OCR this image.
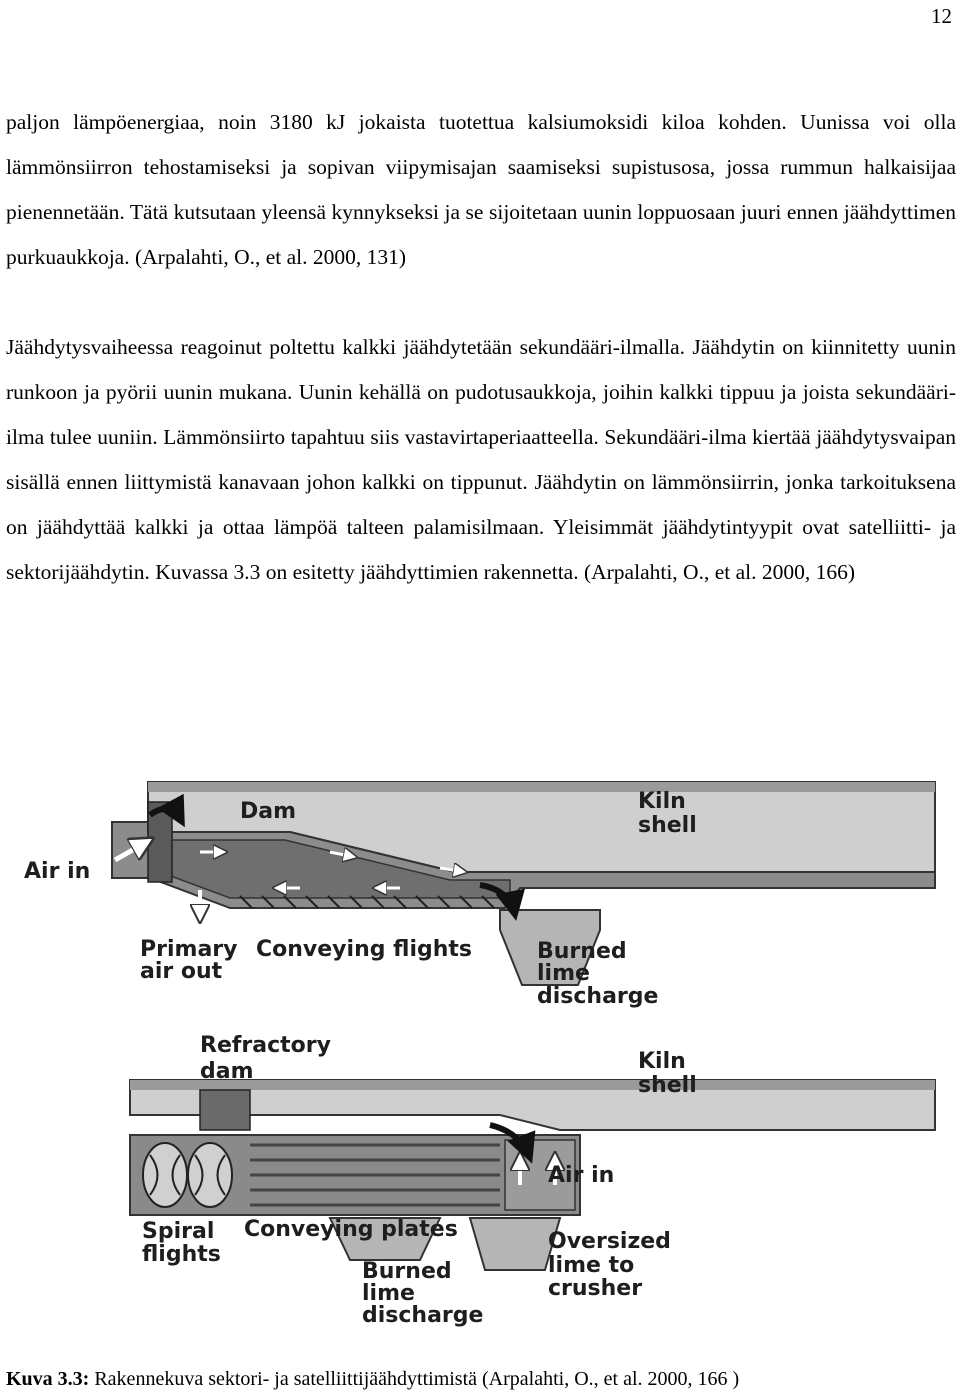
12

paljon lämpöenergiaa, noin 3180 kJ jokaista tuotettua kalsiumoksidi kiloa kohden. Uunissa voi olla lämmönsiirron tehostamiseksi ja sopivan viipymisajan saamiseksi supistusosa, jossa rummun halkaisijaa pienennetään. Tätä kutsutaan yleensä kynnykseksi ja se sijoitetaan uunin loppuosaan juuri ennen jäähdyttimen purkuaukkoja. (Arpalahti, O., et al. 2000, 131)

Jäähdytysvaiheessa reagoinut poltettu kalkki jäähdytetään sekundääri-ilmalla. Jäähdytin on kiinnitetty uunin runkoon ja pyörii uunin mukana. Uunin kehällä on pudotusaukkoja, joihin kalkki tippuu ja joista sekundääri-ilma tulee uuniin. Lämmönsiirto tapahtuu siis vastavirtaperiaatteella. Sekundääri-ilma kiertää jäähdytysvaipan sisällä ennen liittymistä kanavaan johon kalkki on tippunut. Jäähdytin on lämmönsiirrin, jonka tarkoituksena on jäähdyttää kalkki ja ottaa lämpöä talteen palamisilmaan. Yleisimmät jäähdytintyypit ovat satelliitti- ja sektorijäähdytin. Kuvassa 3.3 on esitetty jäähdyttimien rakennetta. (Arpalahti, O., et al. 2000, 166)

Dam	Kiln
shell
Air in
Primary
air out
Conveying flights	Burned
lime
discharge
Refractory
dam	Kiln
shell
Air in
Spiral
flights
Conveying plates
Burned
lime
discharge
Oversized
lime to
crusher
Kuva 3.3: Rakennekuva sektori- ja satelliittijäähdyttimistä (Arpalahti, O., et al. 2000, 166 )
